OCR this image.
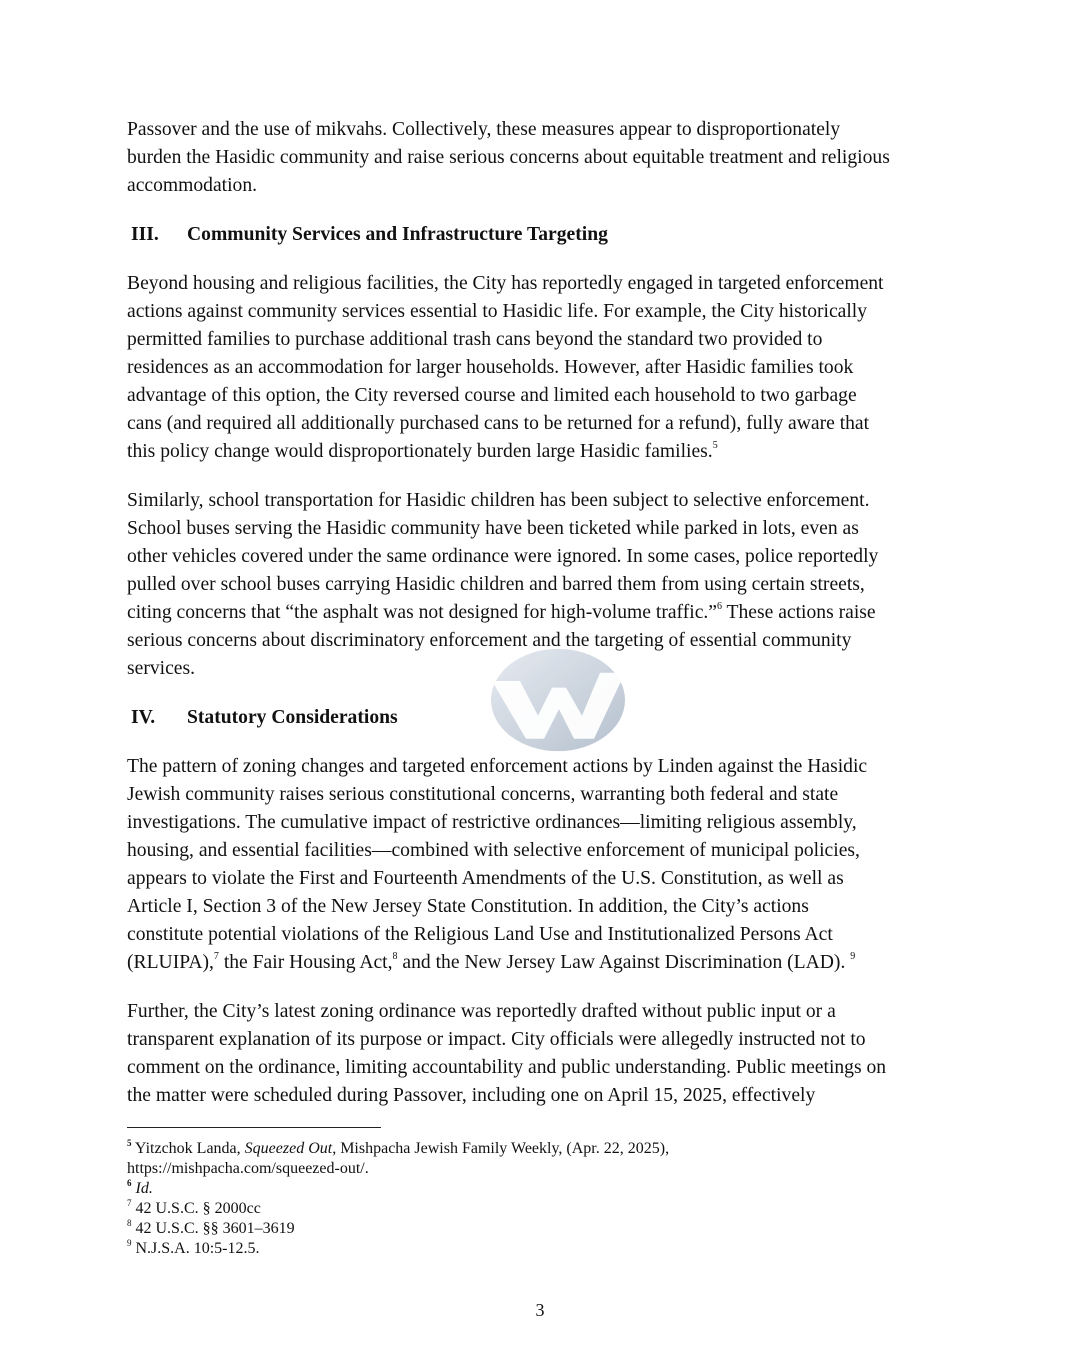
Passover and the use of mikvahs. Collectively, these measures appear to disproportionately
burden the Hasidic community and raise serious concerns about equitable treatment and religious
accommodation.
III. Community Services and Infrastructure Targeting
Beyond housing and religious facilities, the City has reportedly engaged in targeted enforcement
actions against community services essential to Hasidic life. For example, the City historically
permitted families to purchase additional trash cans beyond the standard two provided to
residences as an accommodation for larger households. However, after Hasidic families took
advantage of this option, the City reversed course and limited each household to two garbage
cans (and required all additionally purchased cans to be returned for a refund), fully aware that
this policy change would disproportionately burden large Hasidic families.$^5$
Similarly, school transportation for Hasidic children has been subject to selective enforcement.
School buses serving the Hasidic community have been ticketed while parked in lots, even as
other vehicles covered under the same ordinance were ignored. In some cases, police reportedly
pulled over school buses carrying Hasidic children and barred them from using certain streets,
citing concerns that “the asphalt was not designed for high-volume traffic.”$^6$ These actions raise
serious concerns about discriminatory enforcement and the targeting of essential community
services.
IV. Statutory Considerations
The pattern of zoning changes and targeted enforcement actions by Linden against the Hasidic
Jewish community raises serious constitutional concerns, warranting both federal and state
investigations. The cumulative impact of restrictive ordinances—limiting religious assembly,
housing, and essential facilities—combined with selective enforcement of municipal policies,
appears to violate the First and Fourteenth Amendments of the U.S. Constitution, as well as
Article I, Section 3 of the New Jersey State Constitution. In addition, the City’s actions
constitute potential violations of the Religious Land Use and Institutionalized Persons Act
(RLUIPA),$^7$ the Fair Housing Act,$^8$ and the New Jersey Law Against Discrimination (LAD). $^9$
Further, the City’s latest zoning ordinance was reportedly drafted without public input or a
transparent explanation of its purpose or impact. City officials were allegedly instructed not to
comment on the ordinance, limiting accountability and public understanding. Public meetings on
the matter were scheduled during Passover, including one on April 15, 2025, effectively
$^5$ Yitzchok Landa, Squeezed Out, Mishpacha Jewish Family Weekly, (Apr. 22, 2025),
https://mishpacha.com/squeezed-out/.
$^6$ Id.
$^7$ 42 U.S.C. § 2000cc
$^8$ 42 U.S.C. §§ 3601–3619
$^9$ N.J.S.A. 10:5-12.5.
3
